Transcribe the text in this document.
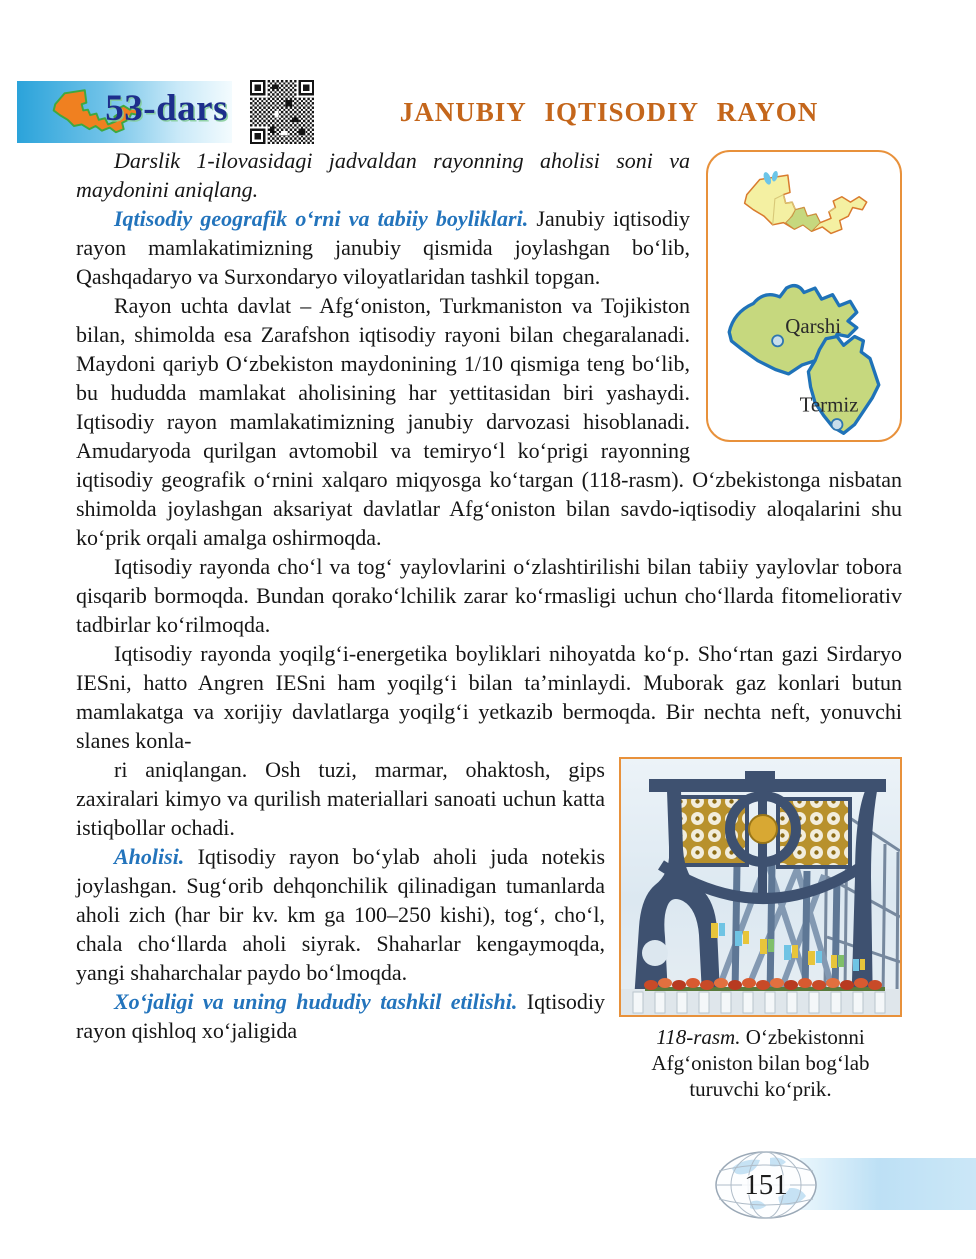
53-dars	JANUBIY IQTISODIY RAYON
Qarshi
Termiz

Darslik 1-ilovasidagi jadvaldan rayonning aholisi soni va maydonini aniqlang.

Iqtisodiy geografik o‘rni va tabiiy boyliklari. Janubiy iqtisodiy rayon mamlakatimizning janubiy qismida joylashgan bo‘lib, Qashqadaryo va Surxondaryo viloyatlaridan tashkil topgan.

Rayon uchta davlat – Afg‘oniston, Turkmaniston va Tojikiston bilan, shimolda esa Zarafshon iqtisodiy rayoni bilan chegaralanadi. Maydoni qariyb O‘zbekiston maydonining 1/10 qismiga teng bo‘lib, bu hududda mamlakat aholisining har yettitasidan biri yashaydi. Iqtisodiy rayon mamlakatimizning janubiy darvozasi hisoblanadi. Amudaryoda qurilgan avtomobil va temiryo‘l ko‘prigi rayonning iqtisodiy geografik o‘rnini xalqaro miqyosga ko‘targan (118-rasm). O‘zbekistonga nisbatan shimolda joylashgan aksariyat davlatlar Afg‘oniston bilan savdo-iqtisodiy aloqalarini shu ko‘prik orqali amalga oshirmoqda.

Iqtisodiy rayonda cho‘l va tog‘ yaylovlarini o‘zlashtirilishi bilan tabiiy yaylovlar tobora qisqarib bormoqda. Bundan qorako‘lchilik zarar ko‘rmasligi uchun cho‘llarda fitomeliorativ tadbirlar ko‘rilmoqda.

Iqtisodiy rayonda yoqilg‘i-energetika boyliklari nihoyatda ko‘p. Sho‘rtan gazi Sirdaryo IESni, hatto Angren IESni ham yoqilg‘i bilan ta’minlaydi. Muborak gaz konlari butun mamlakatga va xorijiy davlatlarga yoqilg‘i yetkazib bermoqda. Bir nechta neft, yonuvchi slanes konla-

118-rasm. O‘zbekistonni Afg‘oniston bilan bog‘lab turuvchi ko‘prik.

ri aniqlangan. Osh tuzi, marmar, ohaktosh, gips zaxiralari kimyo va qurilish materiallari sanoati uchun katta istiqbollar ochadi.

Aholisi. Iqtisodiy rayon bo‘ylab aholi juda notekis joylashgan. Sug‘orib dehqonchilik qilinadigan tumanlarda aholi zich (har bir kv. km ga 100–250 kishi), tog‘, cho‘l, chala cho‘llarda aholi siyrak. Shaharlar kengaymoqda, yangi shaharchalar paydo bo‘lmoqda.

Xo‘jaligi va uning hududiy tashkil etilishi. Iqtisodiy rayon qishloq xo‘jaligida

151
